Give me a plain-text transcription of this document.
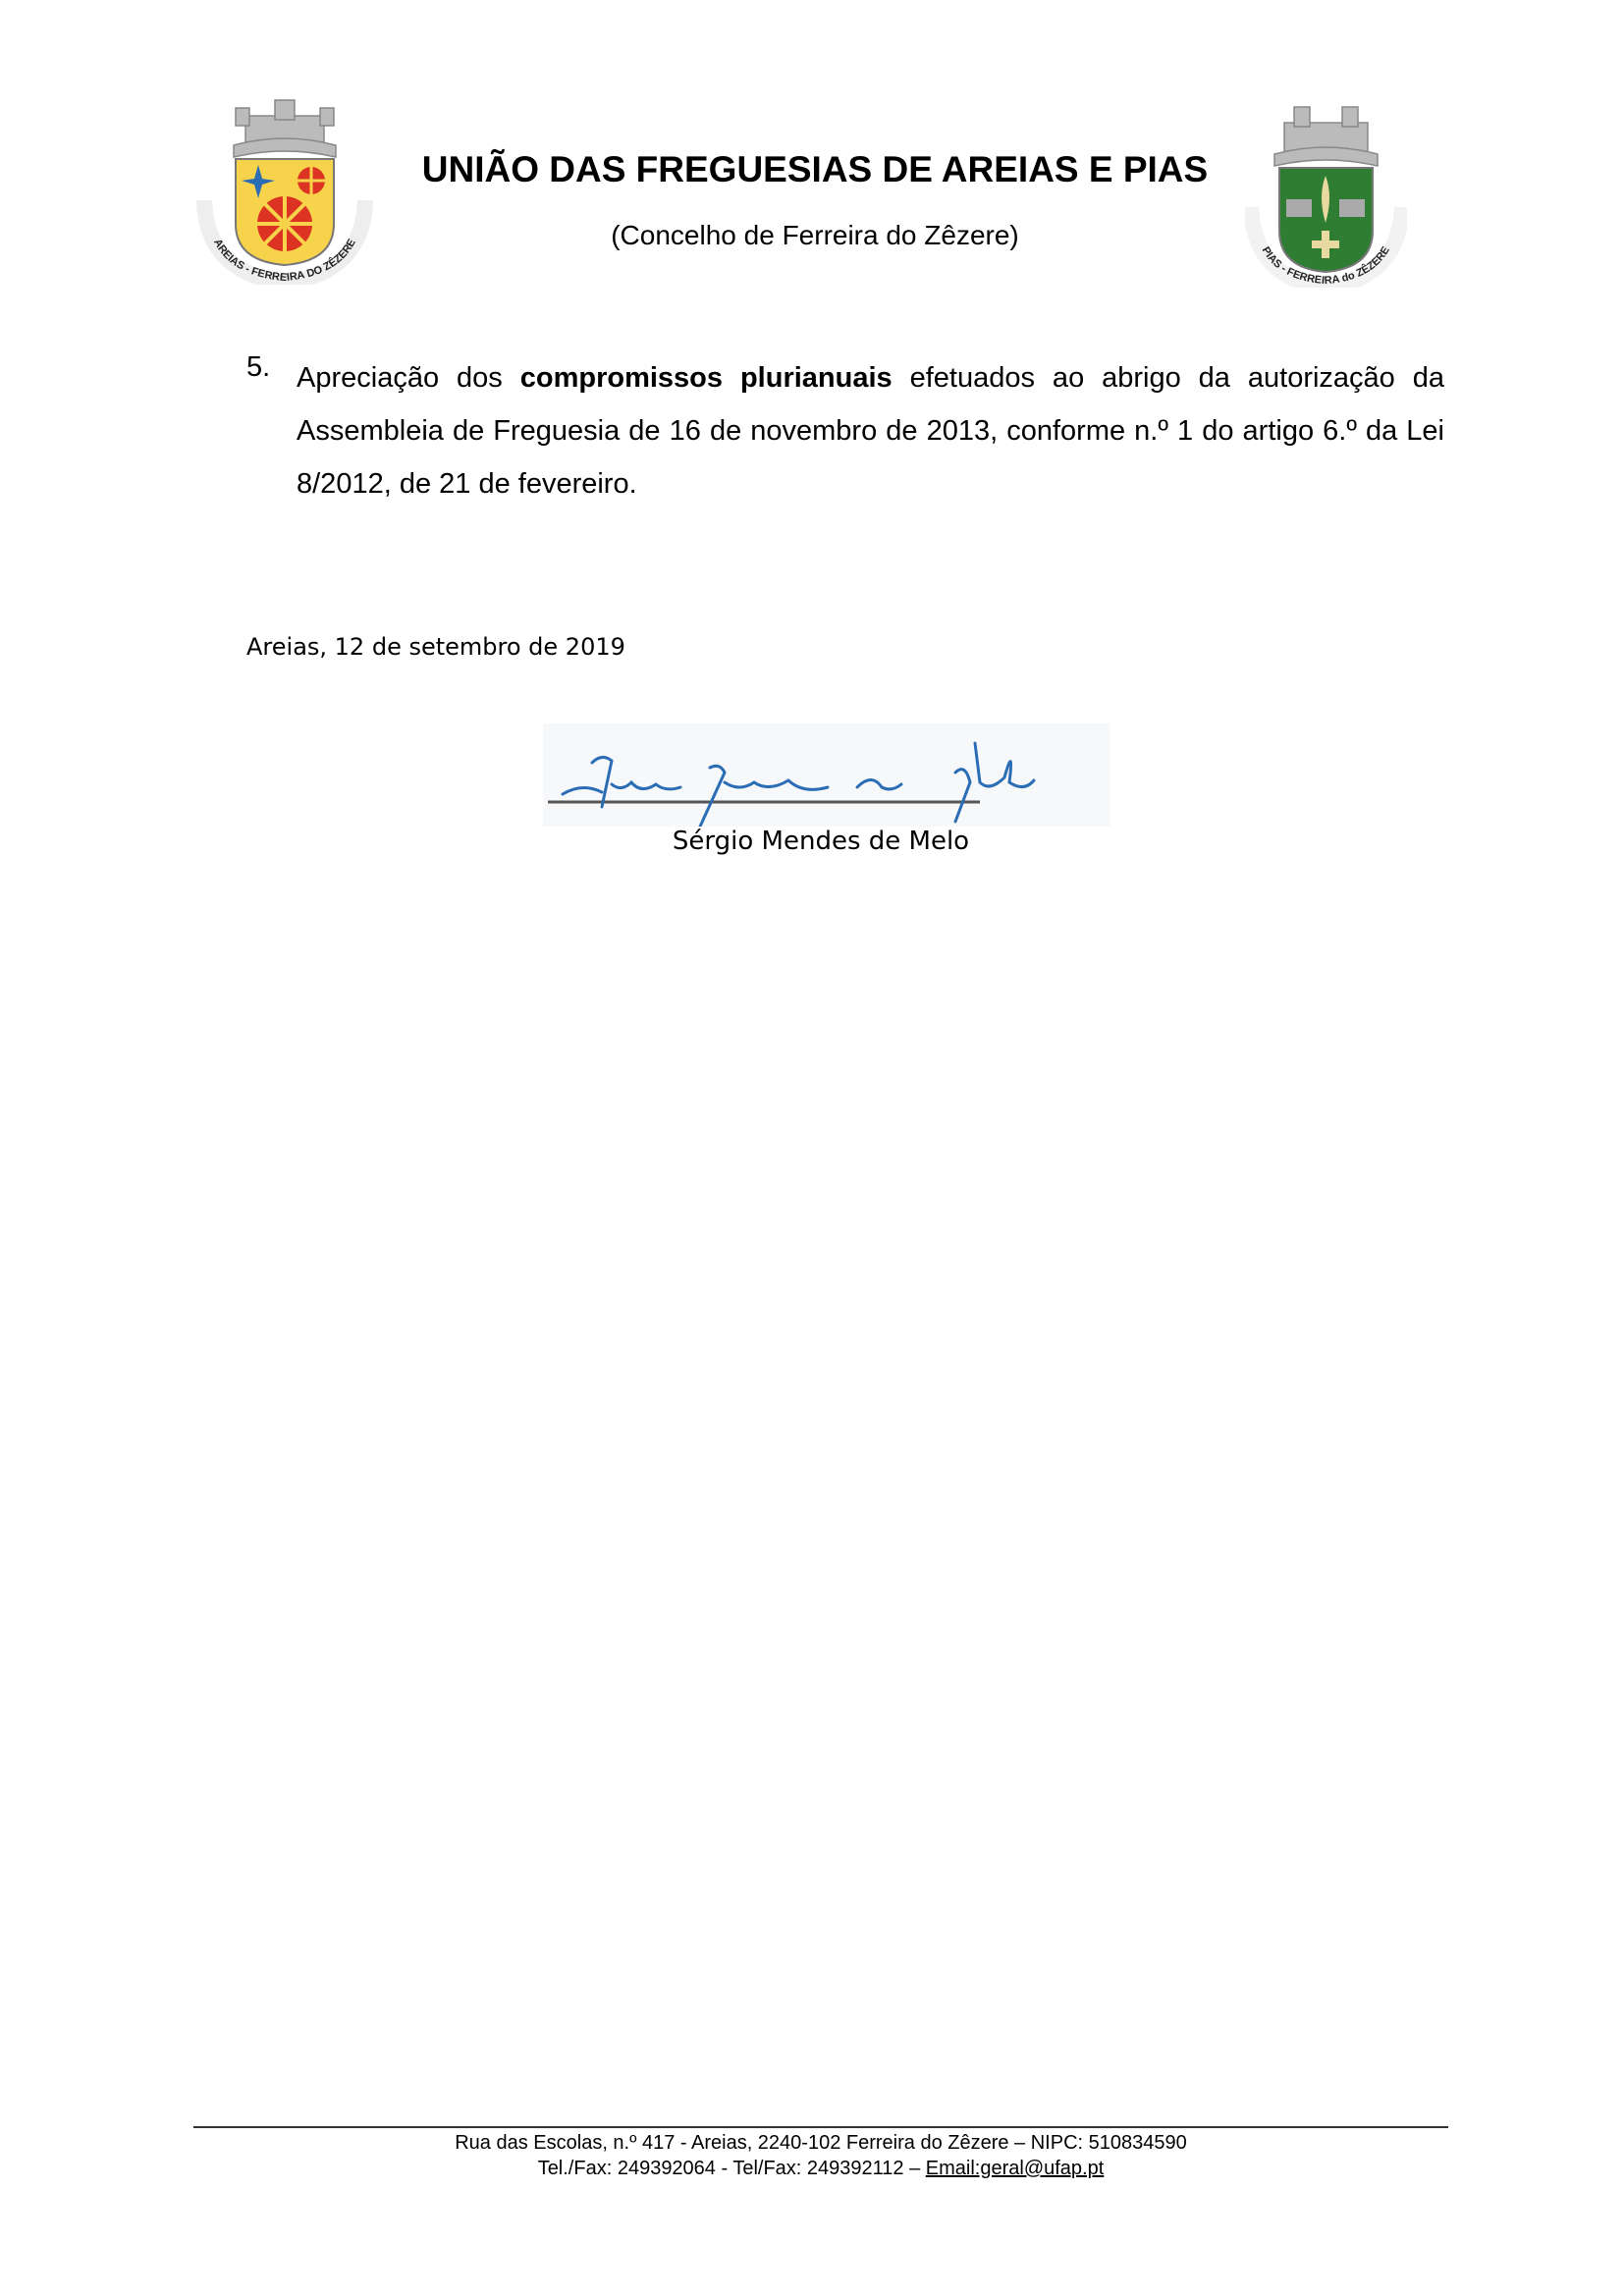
AREIAS - FERREIRA DO ZÊZERE
UNIÃO DAS FREGUESIAS DE AREIAS E PIAS
(Concelho de Ferreira do Zêzere)
PIAS - FERREIRA do ZÊZERE
5. Apreciação dos compromissos plurianuais efetuados ao abrigo da autorização da Assembleia de Freguesia de 16 de novembro de 2013, conforme n.º 1 do artigo 6.º da Lei 8/2012, de 21 de fevereiro.
Areias, 12 de setembro de 2019
Sérgio Mendes de Melo
Rua das Escolas, n.º 417 - Areias, 2240-102 Ferreira do Zêzere – NIPC: 510834590
Tel./Fax: 249392064 - Tel/Fax: 249392112 – Email:geral@ufap.pt
